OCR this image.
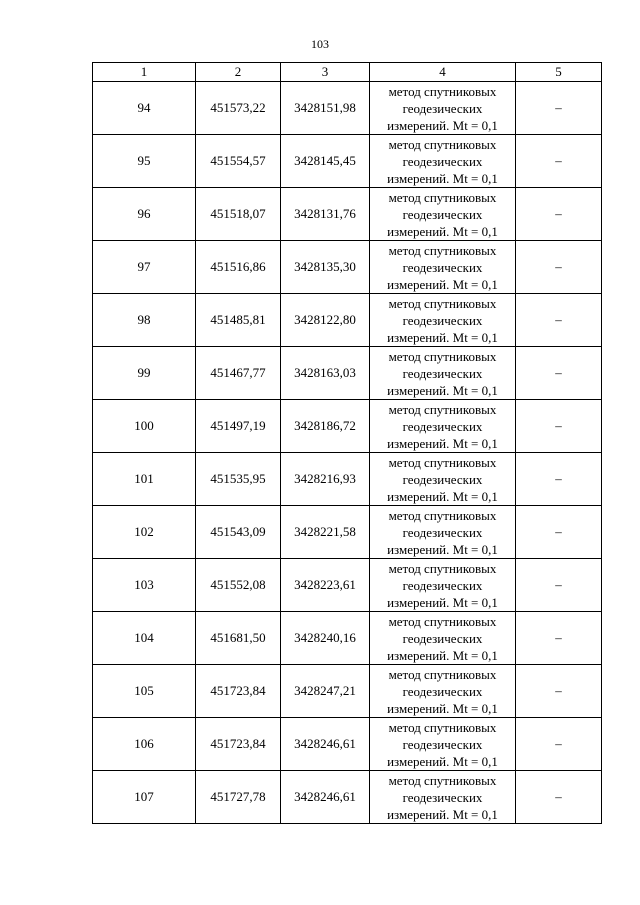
103
1	2	3	4	5
94	451573,22	3428151,98	метод спутниковых
геодезических
измерений. Mt = 0,1	–
95	451554,57	3428145,45	метод спутниковых
геодезических
измерений. Mt = 0,1	–
96	451518,07	3428131,76	метод спутниковых
геодезических
измерений. Mt = 0,1	–
97	451516,86	3428135,30	метод спутниковых
геодезических
измерений. Mt = 0,1	–
98	451485,81	3428122,80	метод спутниковых
геодезических
измерений. Mt = 0,1	–
99	451467,77	3428163,03	метод спутниковых
геодезических
измерений. Mt = 0,1	–
100	451497,19	3428186,72	метод спутниковых
геодезических
измерений. Mt = 0,1	–
101	451535,95	3428216,93	метод спутниковых
геодезических
измерений. Mt = 0,1	–
102	451543,09	3428221,58	метод спутниковых
геодезических
измерений. Mt = 0,1	–
103	451552,08	3428223,61	метод спутниковых
геодезических
измерений. Mt = 0,1	–
104	451681,50	3428240,16	метод спутниковых
геодезических
измерений. Mt = 0,1	–
105	451723,84	3428247,21	метод спутниковых
геодезических
измерений. Mt = 0,1	–
106	451723,84	3428246,61	метод спутниковых
геодезических
измерений. Mt = 0,1	–
107	451727,78	3428246,61	метод спутниковых
геодезических
измерений. Mt = 0,1	–
